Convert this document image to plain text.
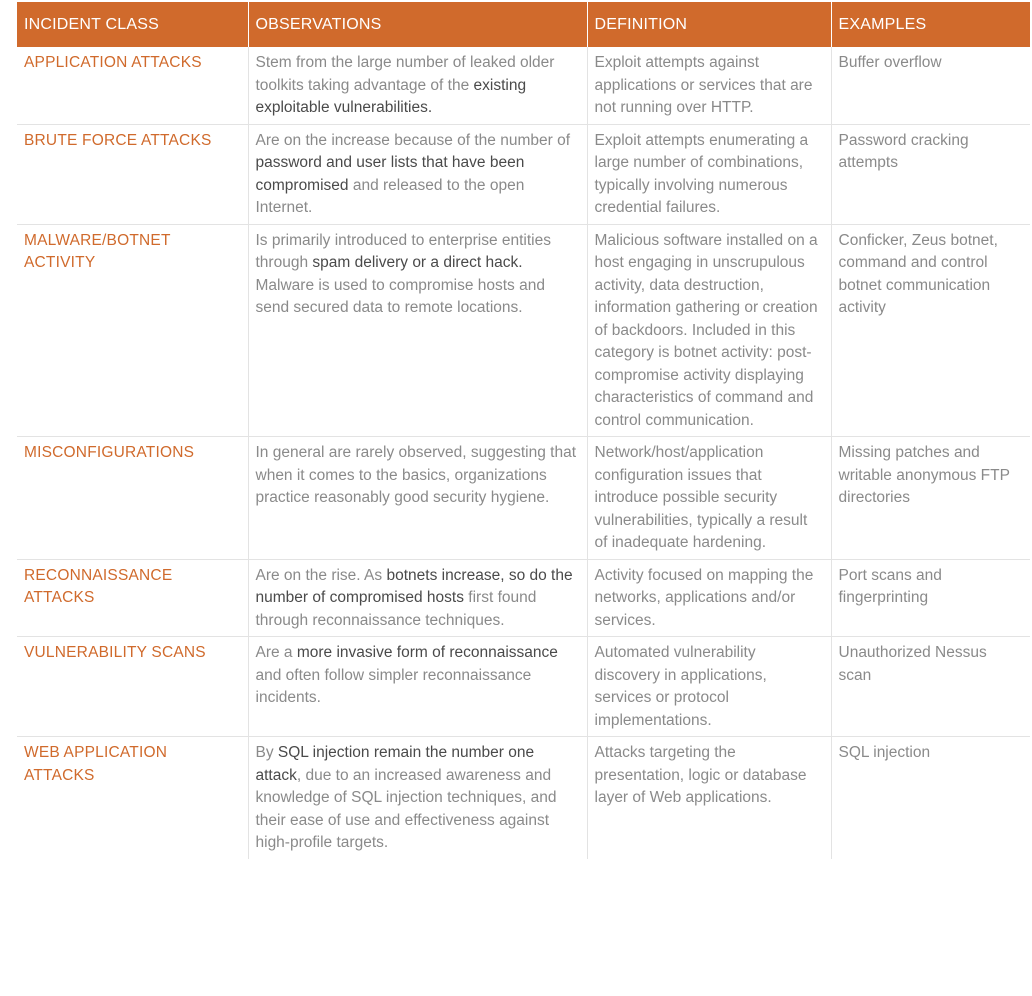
INCIDENT CLASS	OBSERVATIONS	DEFINITION	EXAMPLES
APPLICATION ATTACKS	Stem from the large number of leaked older toolkits taking advantage of the existing exploitable vulnerabilities.	Exploit attempts against applications or services that are not running over HTTP.	Buffer overflow
BRUTE FORCE ATTACKS	Are on the increase because of the number of password and user lists that have been compromised and released to the open Internet.	Exploit attempts enumerating a large number of combinations, typically involving numerous credential failures.	Password cracking attempts
MALWARE/BOTNET ACTIVITY	Is primarily introduced to enterprise entities through spam delivery or a direct hack. Malware is used to compromise hosts and send secured data to remote locations.	Malicious software installed on a host engaging in unscrupulous activity, data destruction, information gathering or creation of backdoors. Included in this category is botnet activity: post-compromise activity displaying characteristics of command and control communication.	Conficker, Zeus botnet, command and control botnet communication activity
MISCONFIGURATIONS	In general are rarely observed, suggesting that when it comes to the basics, organizations practice reasonably good security hygiene.	Network/host/application configuration issues that introduce possible security vulnerabilities, typically a result of inadequate hardening.	Missing patches and writable anonymous FTP directories
RECONNAISSANCE ATTACKS	Are on the rise. As botnets increase, so do the number of compromised hosts first found through reconnaissance techniques.	Activity focused on mapping the networks, applications and/or services.	Port scans and fingerprinting
VULNERABILITY SCANS	Are a more invasive form of reconnaissance and often follow simpler reconnaissance incidents.	Automated vulnerability discovery in applications, services or protocol implementations.	Unauthorized Nessus scan
WEB APPLICATION ATTACKS	By SQL injection remain the number one attack, due to an increased awareness and knowledge of SQL injection techniques, and their ease of use and effectiveness against high-profile targets.	Attacks targeting the presentation, logic or database layer of Web applications.	SQL injection
